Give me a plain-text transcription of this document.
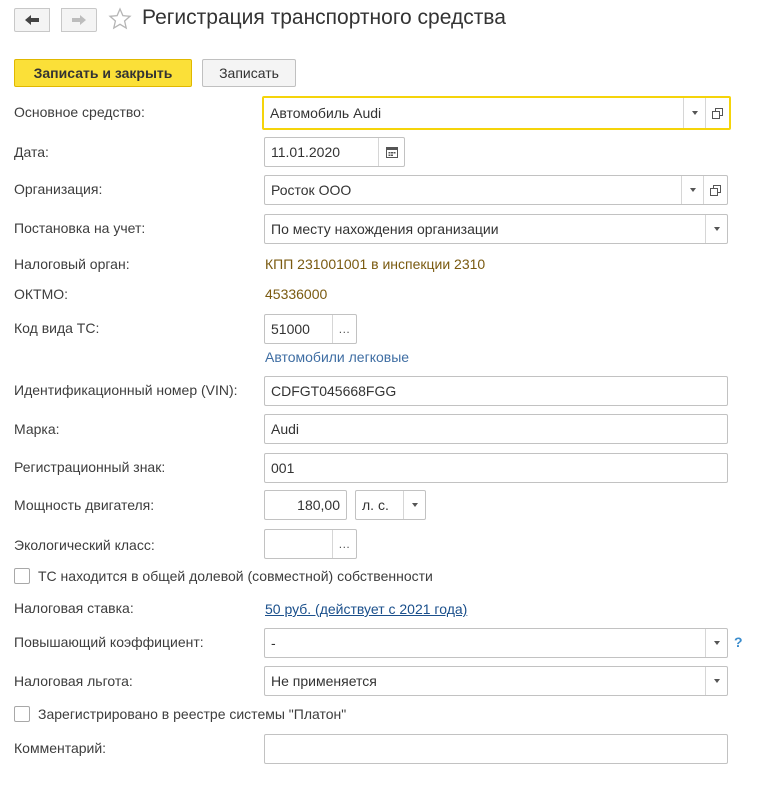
Регистрация транспортного средства
Записать и закрыть	Записать
Основное средство:	Автомобиль Audi
Дата:	11.01.2020
Организация:	Росток ООО
Постановка на учет:	По месту нахождения организации
Налоговый орган:	КПП 231001001 в инспекции 2310
ОКТМО:	45336000
Код вида ТС:	51000	...
Автомобили легковые
Идентификационный номер (VIN):	CDFGT045668FGG
Марка:	Audi
Регистрационный знак:	001
Мощность двигателя:	180,00	л. с.
Экологический класс:	...
ТС находится в общей долевой (совместной) собственности
Налоговая ставка:	50 руб. (действует с 2021 года)
Повышающий коэффициент:	-	?
Налоговая льгота:	Не применяется
Зарегистрировано в реестре системы "Платон"
Комментарий:
